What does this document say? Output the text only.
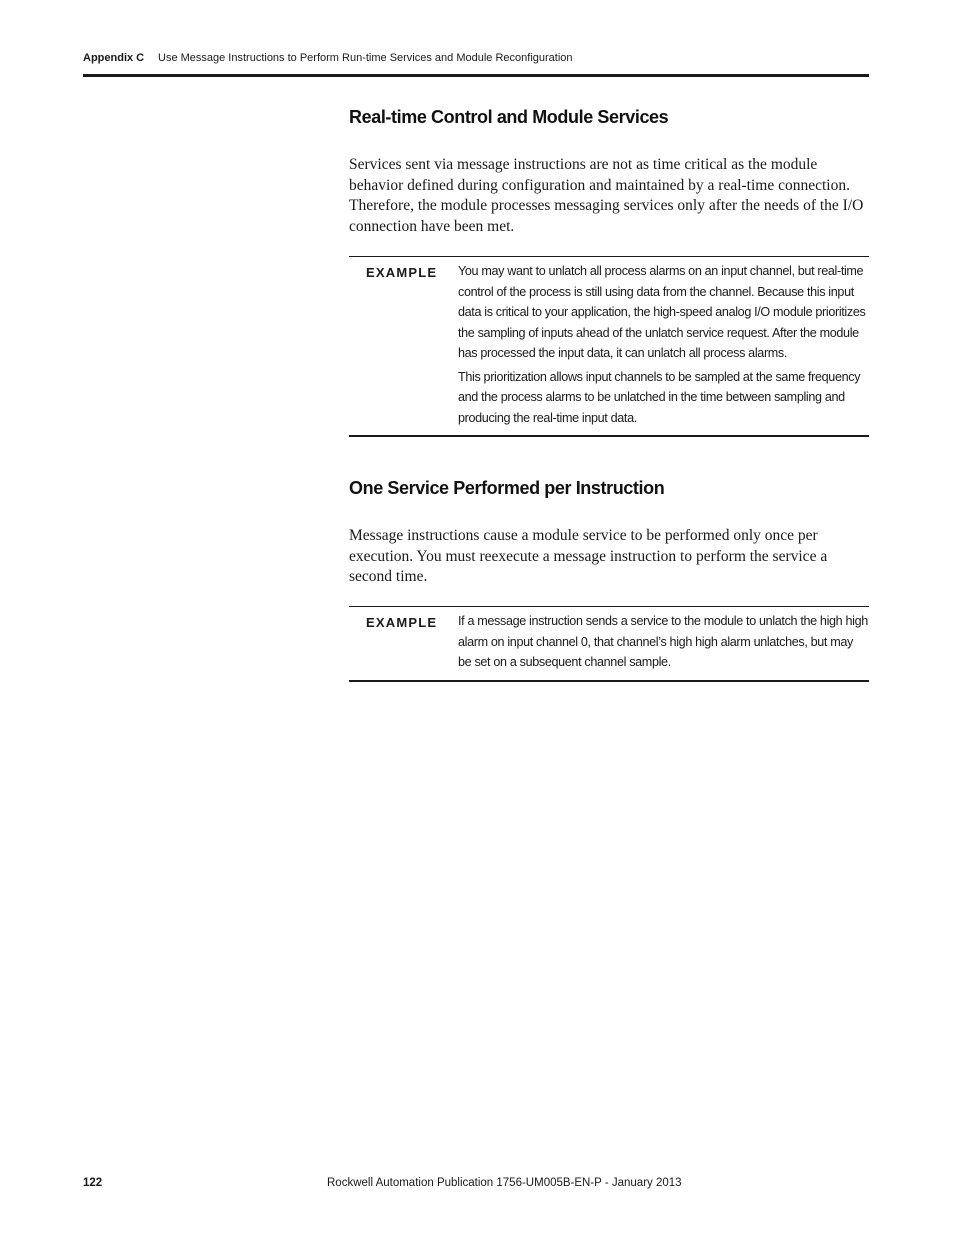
Appendix C Use Message Instructions to Perform Run-time Services and Module Reconfiguration
Real-time Control and Module Services

Services sent via message instructions are not as time critical as the module behavior defined during configuration and maintained by a real-time connection. Therefore, the module processes messaging services only after the needs of the I/O connection have been met.

EXAMPLE You may want to unlatch all process alarms on an input channel, but real-time control of the process is still using data from the channel. Because this input data is critical to your application, the high-speed analog I/O module prioritizes the sampling of inputs ahead of the unlatch service request. After the module has processed the input data, it can unlatch all process alarms.

This prioritization allows input channels to be sampled at the same frequency and the process alarms to be unlatched in the time between sampling and producing the real-time input data.

One Service Performed per Instruction

Message instructions cause a module service to be performed only once per execution. You must reexecute a message instruction to perform the service a second time.

EXAMPLE If a message instruction sends a service to the module to unlatch the high high alarm on input channel 0, that channel’s high high alarm unlatches, but may be set on a subsequent channel sample.

122	Rockwell Automation Publication 1756-UM005B-EN-P - January 2013
